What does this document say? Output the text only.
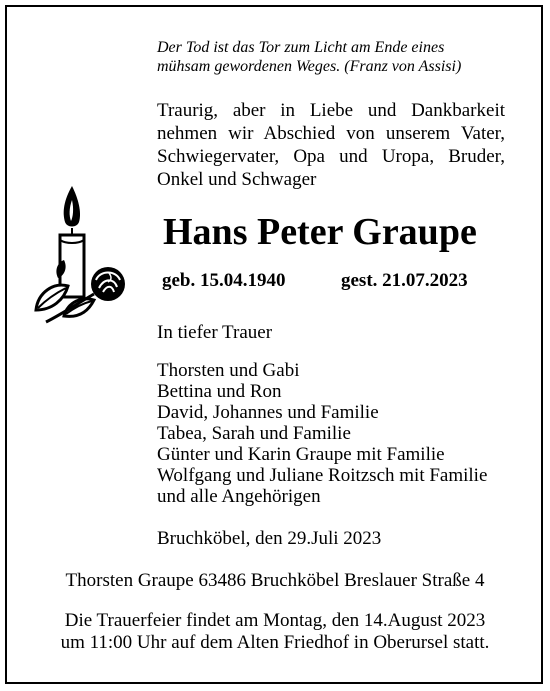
Der Tod ist das Tor zum Licht am Ende eines
mühsam gewordenen Weges. (Franz von Assisi)
Traurig, aber in Liebe und Dankbarkeit
nehmen wir Abschied von unserem Vater,
Schwiegervater, Opa und Uropa, Bruder,
Onkel und Schwager
Hans Peter Graupe
geb. 15.04.1940	gest. 21.07.2023
In tiefer Trauer
Thorsten und Gabi
Bettina und Ron
David, Johannes und Familie
Tabea, Sarah und Familie
Günter und Karin Graupe mit Familie
Wolfgang und Juliane Roitzsch mit Familie
und alle Angehörigen
Bruchköbel, den 29.Juli 2023
Thorsten Graupe 63486 Bruchköbel Breslauer Straße 4
Die Trauerfeier findet am Montag, den 14.August 2023
um 11:00 Uhr auf dem Alten Friedhof in Oberursel statt.
